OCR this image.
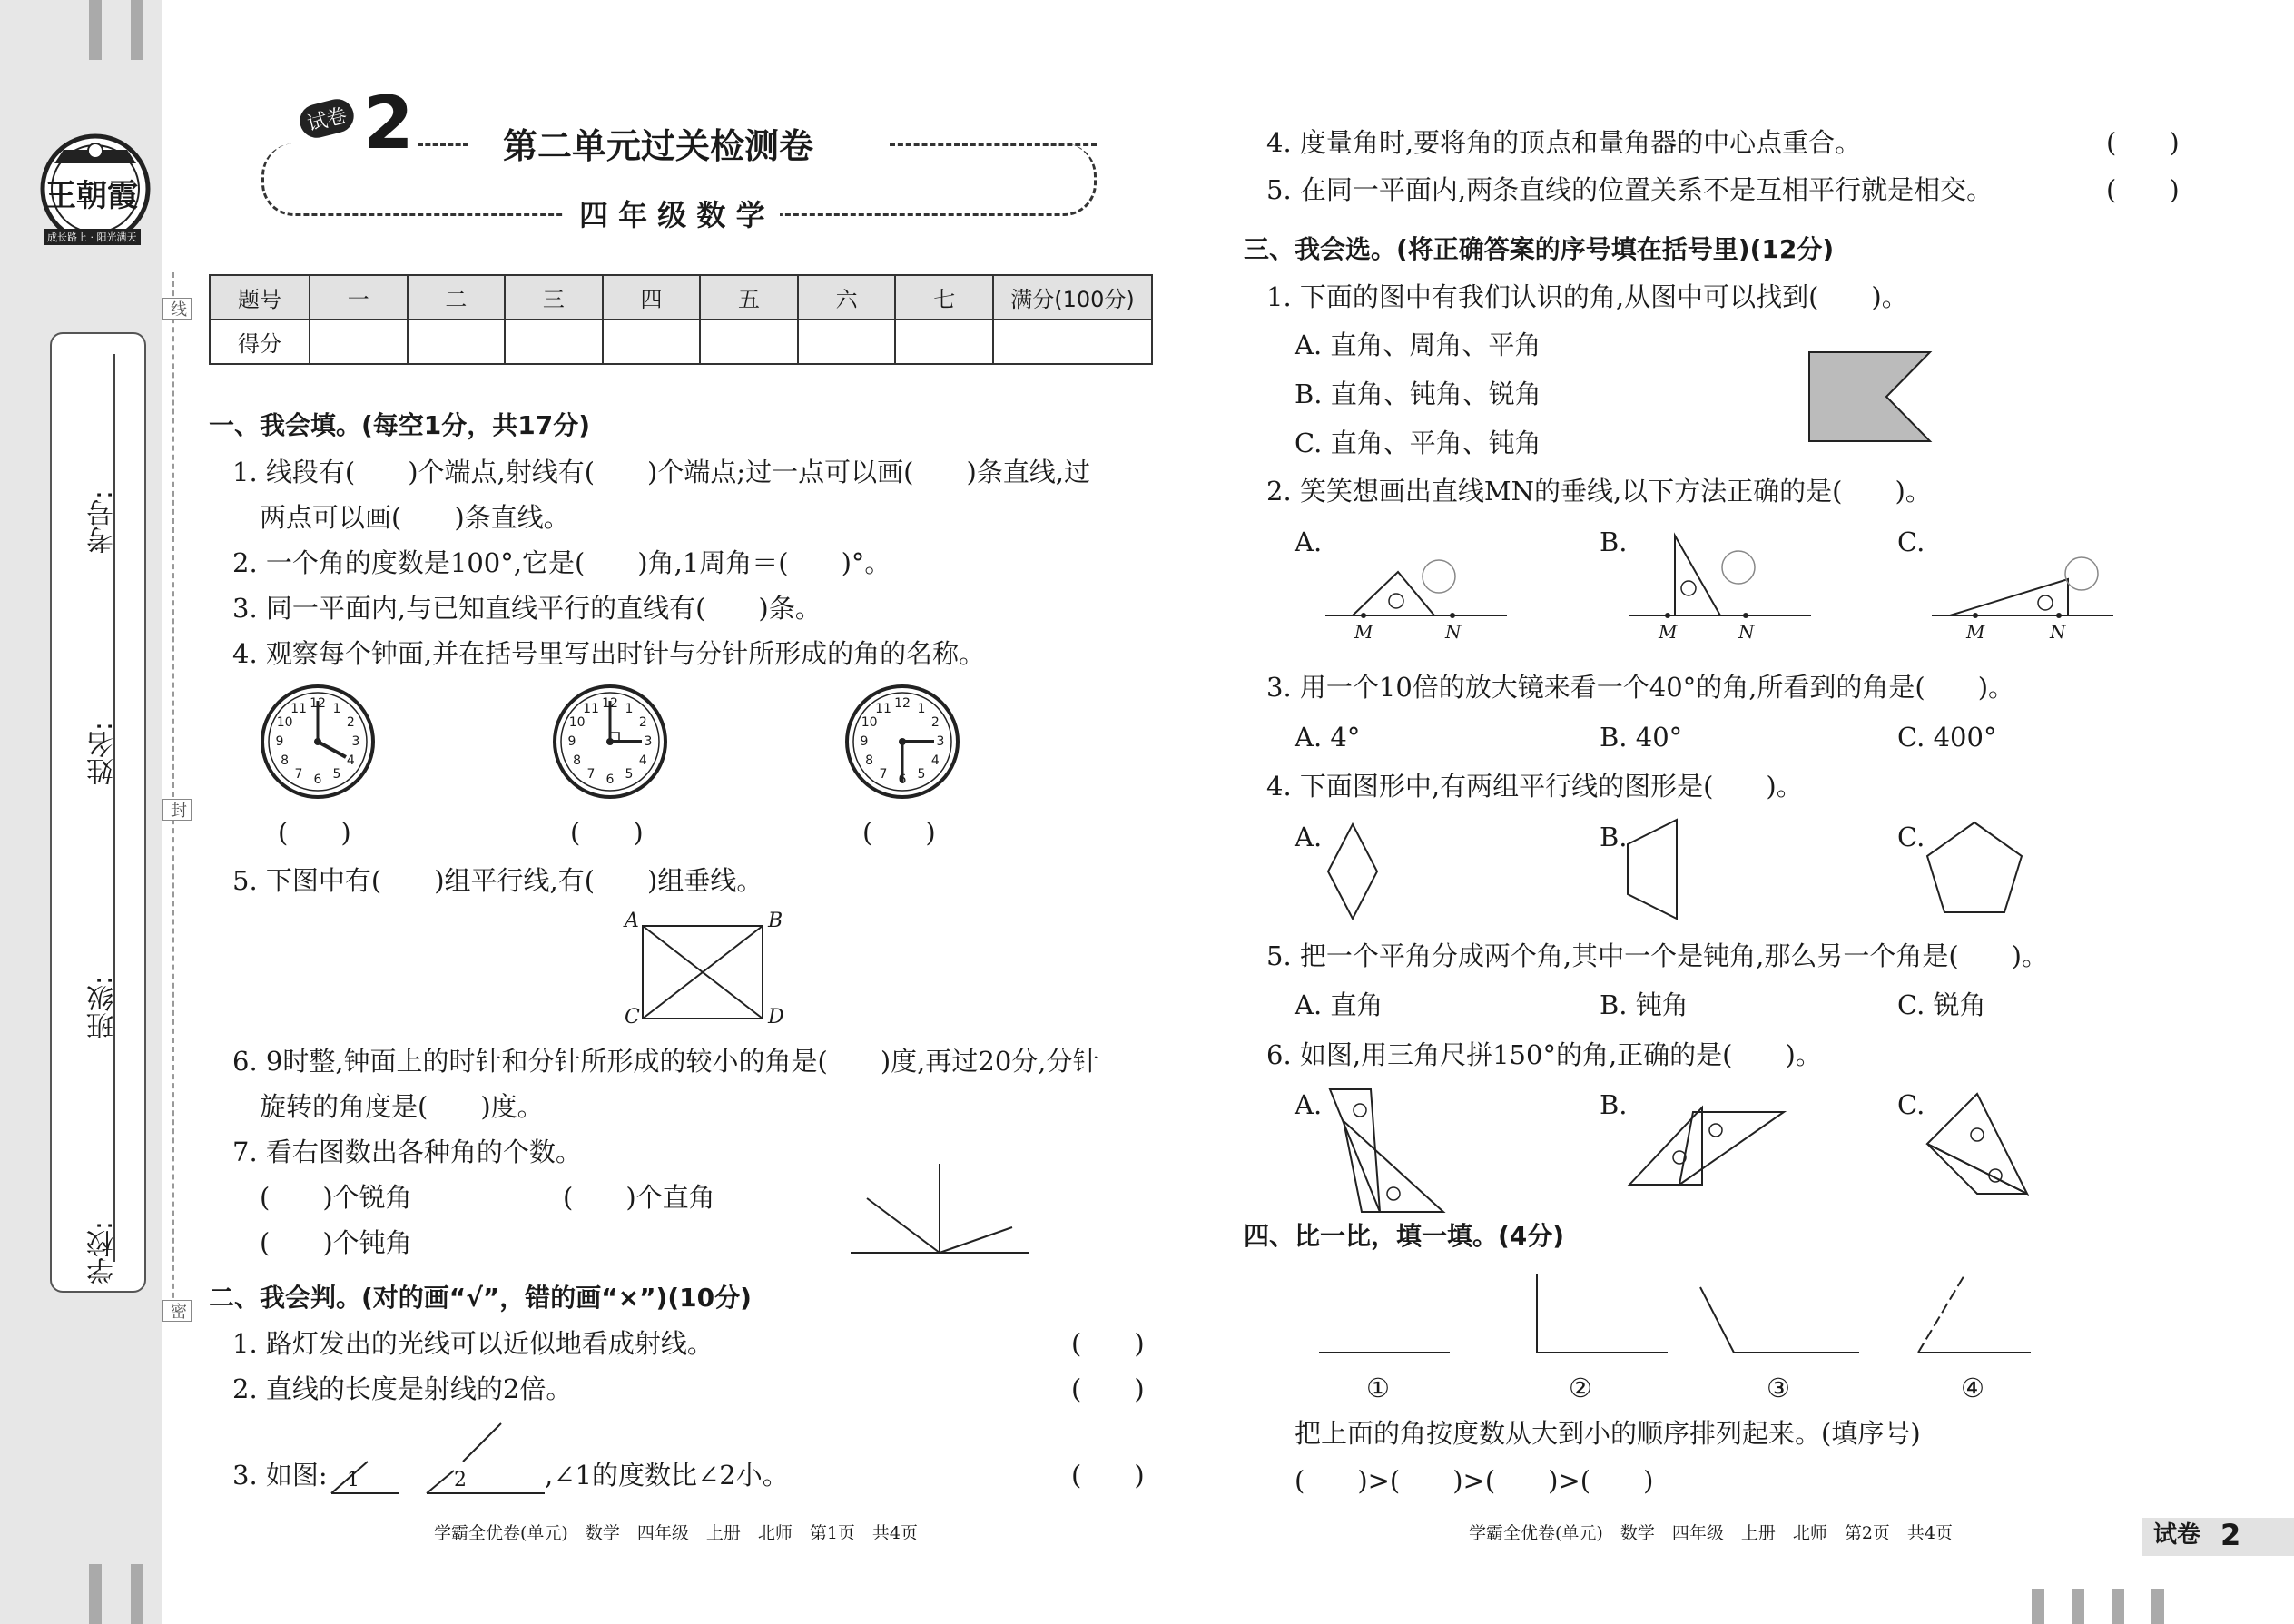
王朝霞
成长路上 · 阳光满天
考号:
姓名:
班级:
学校:
线
封
密
试卷 2	第二单元过关检测卷
四 年 级 数 学
题号	一	二	三	四	五	六	七	满分(100分)
得分								
一、我会填。(每空1分，共17分)
1. 线段有(　　)个端点,射线有(　　)个端点;过一点可以画(　　)条直线,过
两点可以画(　　)条直线。
2. 一个角的度数是100°,它是(　　)角,1周角＝(　　)°。
3. 同一平面内,与已知直线平行的直线有(　　)条。
4. 观察每个钟面,并在括号里写出时针与分针所形成的角的名称。
12 1
2
3
4
5
6
7
8
9
10
11	12 1
2
3
4
5
6
7
8
9
10
11	12 1
2
3
4
5
6
7
8
9
10
11
(　　)	(　　)	(　　)
5. 下图中有(　　)组平行线,有(　　)组垂线。
A	B
C	D
6. 9时整,钟面上的时针和分针所形成的较小的角是(　　)度,再过20分,分针
旋转的角度是(　　)度。
7. 看右图数出各种角的个数。
(　　)个锐角	(　　)个直角
(　　)个钝角
二、我会判。(对的画“√”，错的画“×”)(10分)
1. 路灯发出的光线可以近似地看成射线。	(　　)
2. 直线的长度是射线的2倍。	(　　)
3. 如图: 1	2	,∠1的度数比∠2小。	(　　)
4. 度量角时,要将角的顶点和量角器的中心点重合。	(　　)
5. 在同一平面内,两条直线的位置关系不是互相平行就是相交。	(　　)
三、我会选。(将正确答案的序号填在括号里)(12分)
1. 下面的图中有我们认识的角,从图中可以找到(　　)。
A. 直角、周角、平角
B. 直角、钝角、锐角
C. 直角、平角、钝角
2. 笑笑想画出直线MN的垂线,以下方法正确的是(　　)。
A.	B.	C.
M	N	M	N	M	N
3. 用一个10倍的放大镜来看一个40°的角,所看到的角是(　　)。
A. 4°	B. 40°	C. 400°
4. 下面图形中,有两组平行线的图形是(　　)。
A.	B.	C.
5. 把一个平角分成两个角,其中一个是钝角,那么另一个角是(　　)。
A. 直角	B. 钝角	C. 锐角
6. 如图,用三角尺拼150°的角,正确的是(　　)。
A.	B.	C.
四、比一比，填一填。(4分)
①	②	③	④
把上面的角按度数从大到小的顺序排列起来。(填序号)
(　　)>(　　)>(　　)>(　　)
学霸全优卷(单元)　数学　四年级　上册　北师　第1页　共4页	学霸全优卷(单元)　数学　四年级　上册　北师　第2页　共4页	试卷 2
